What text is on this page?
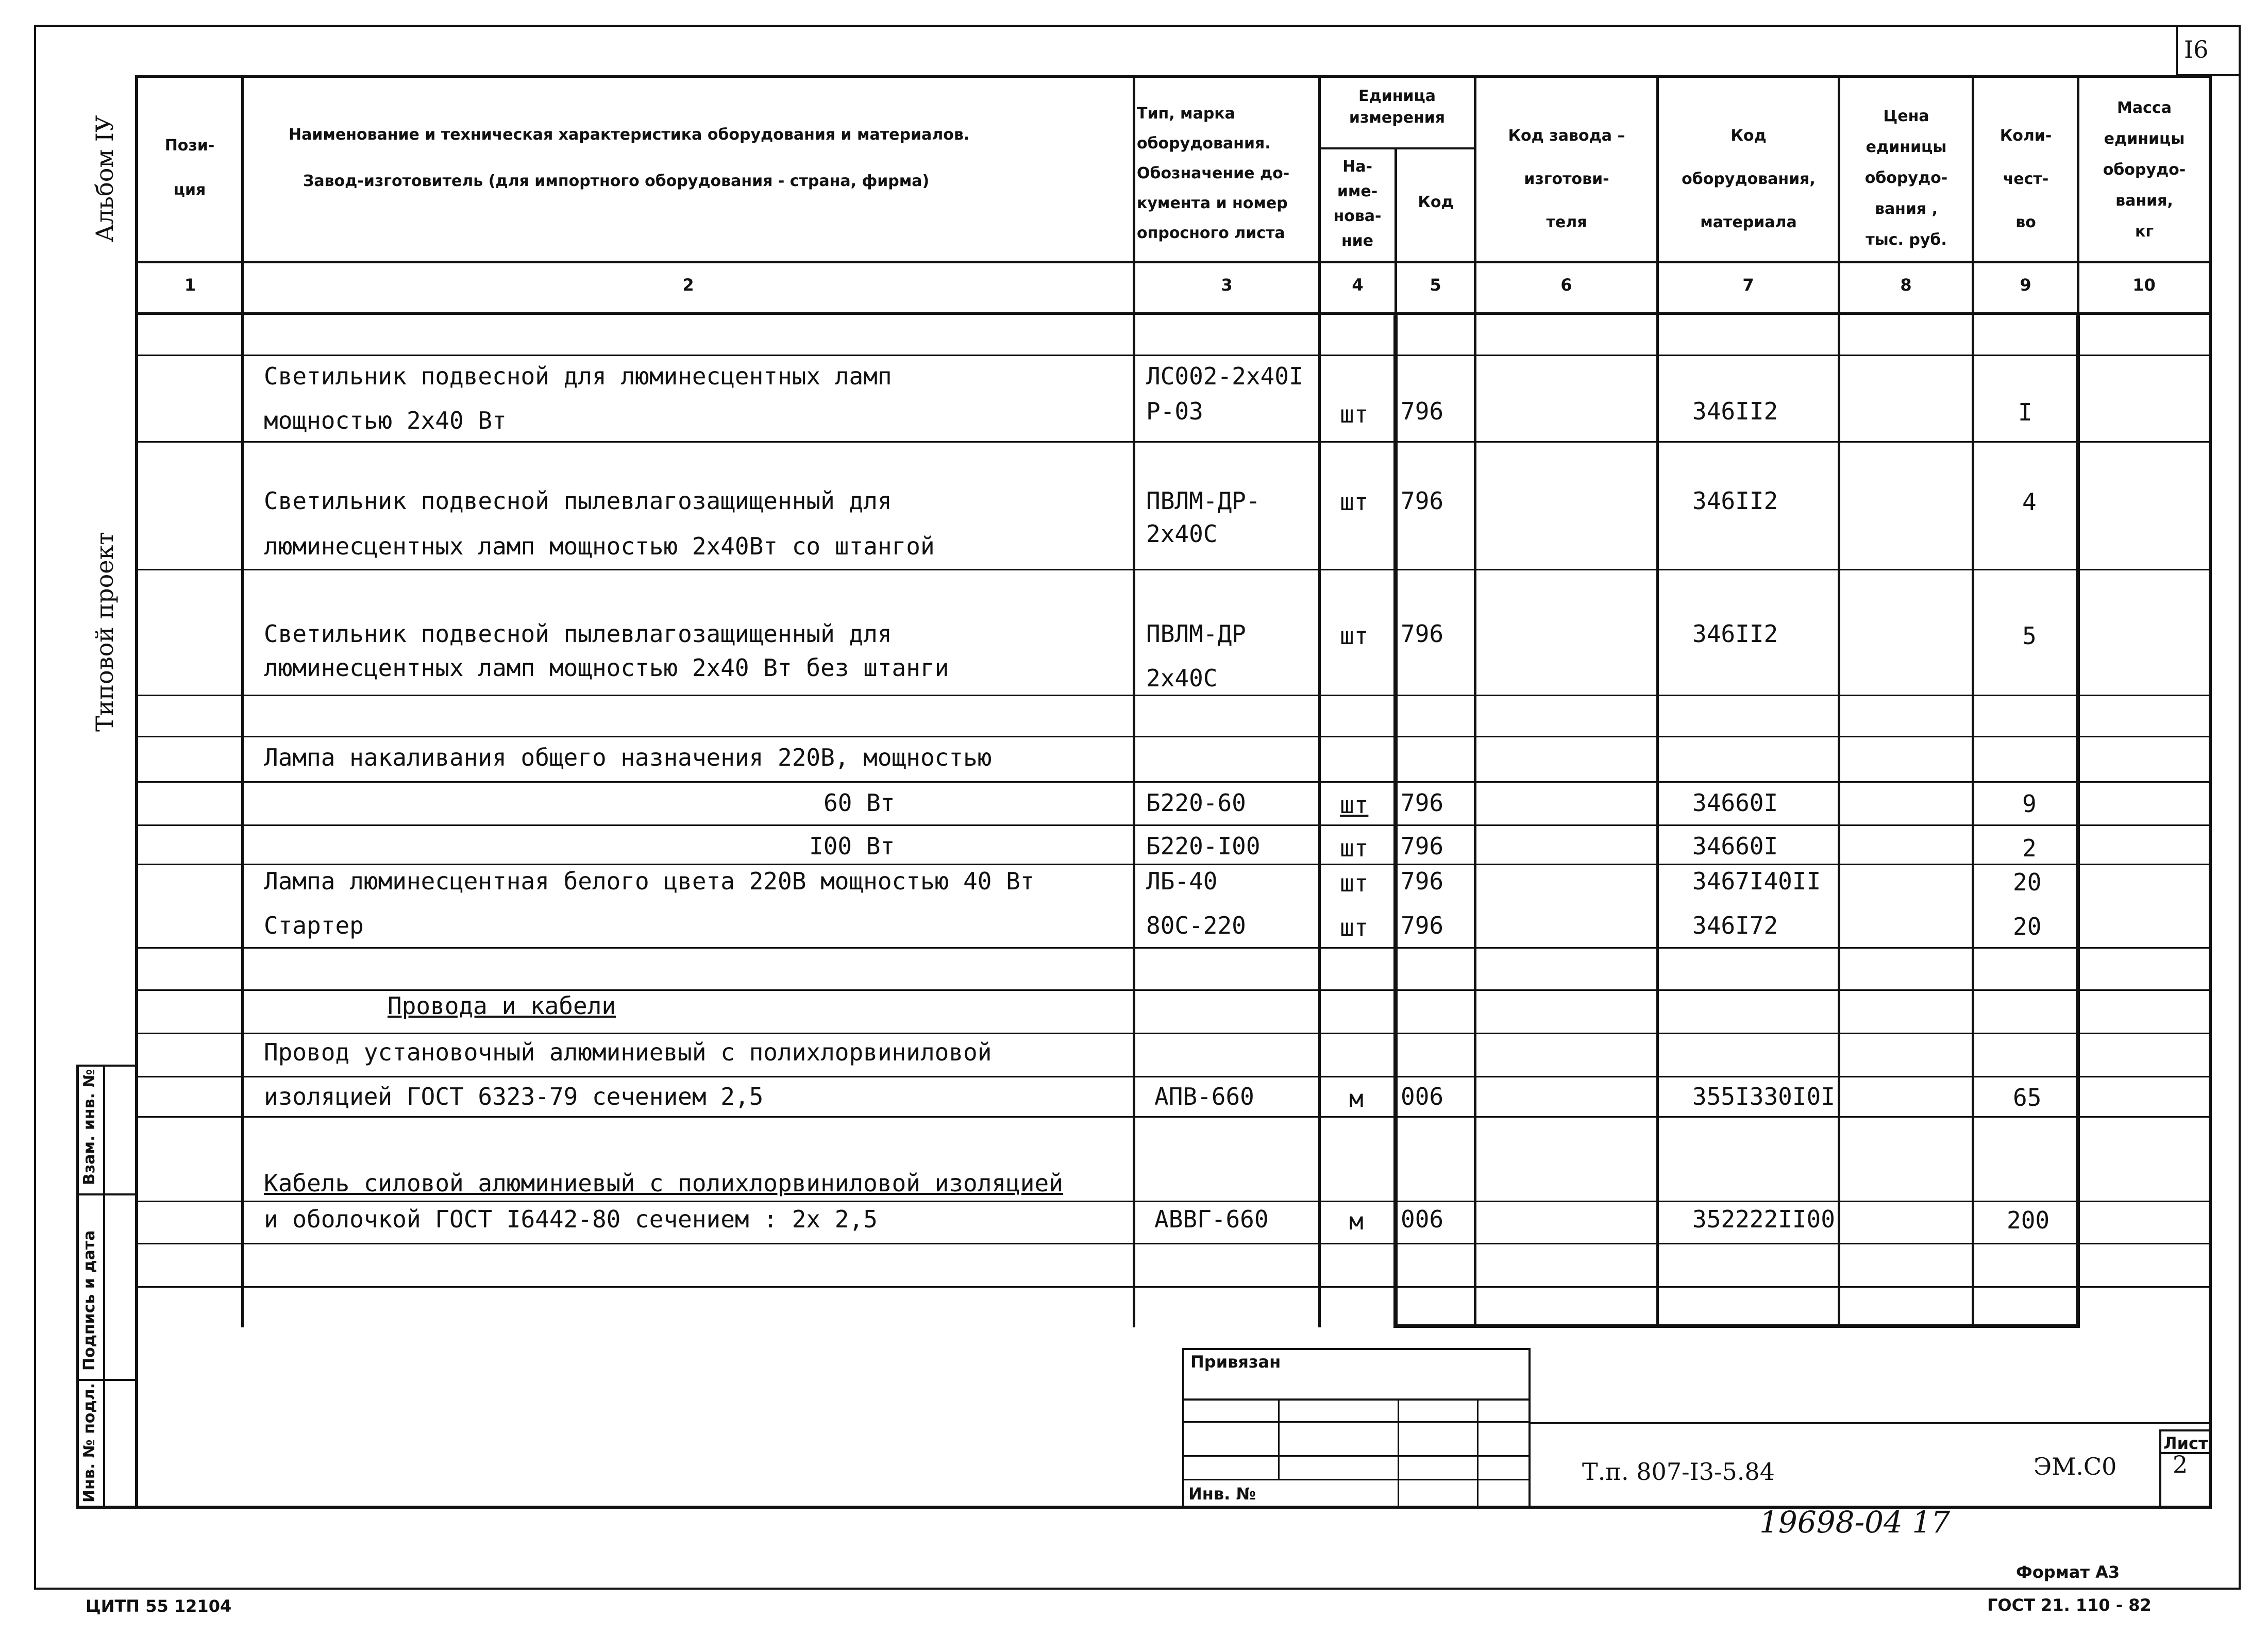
I6
Альбом IУ
Типовой проект
Взам. инв. №
Подпись и дата
Инв. № подл.
Пози-
ция
Наименование и техническая характеристика оборудования и материалов.
Завод-изготовитель (для импортного оборудования - страна, фирма)
Тип, марка
оборудования.
Обозначение до-
кумента и номер
опросного листа
Единица
измерения
На-
име-
нова-
ние
Код
Код завода –
изготови-
теля
Код
оборудования,
материала
Цена
единицы
оборудо-
вания ,
тыс. руб.
Коли-
чест-
во
Масса
единицы
оборудо-
вания,
кг
1	2	3	4	5	6	7	8	9	10
Светильник подвесной для люминесцентных ламп	ЛС002-2х40I
мощностью 2х40 Вт	Р-03	шт 796	346II2	I
Светильник подвесной пылевлагозащищенный для	ПВЛМ-ДР-	шт 796	346II2	4
люминесцентных ламп мощностью 2х40Вт со штангой	2х40С
Светильник подвесной пылевлагозащищенный для	ПВЛМ-ДР	шт 796	346II2	5
люминесцентных ламп мощностью 2х40 Вт без штанги	2х40С
Лампа накаливания общего назначения 220В, мощностью
60 Вт	Б220-60	шт 796	34660I	9
I00 Вт	Б220-I00	шт 796	34660I	2
Лампа люминесцентная белого цвета 220В мощностью 40 Вт	ЛБ-40	шт 796	3467I40II	20
Стартер	80С-220	шт 796	346I72	20
Провода и кабели
Провод установочный алюминиевый с полихлорвиниловой
изоляцией ГОСТ 6323-79 сечением 2,5	АПВ-660	м 006	355I330I0I	65
Кабель силовой алюминиевый с полихлорвиниловой изоляцией
и оболочкой ГОСТ I6442-80 сечением : 2х 2,5	АВВГ-660	м 006	352222II00	200
Привязан
Инв. №
Т.п. 807-I3-5.84	ЭМ.С0
Лист
2
19698-04 17
ЦИТП 55 12104
Формат А3
ГОСТ 21. 110 - 82
